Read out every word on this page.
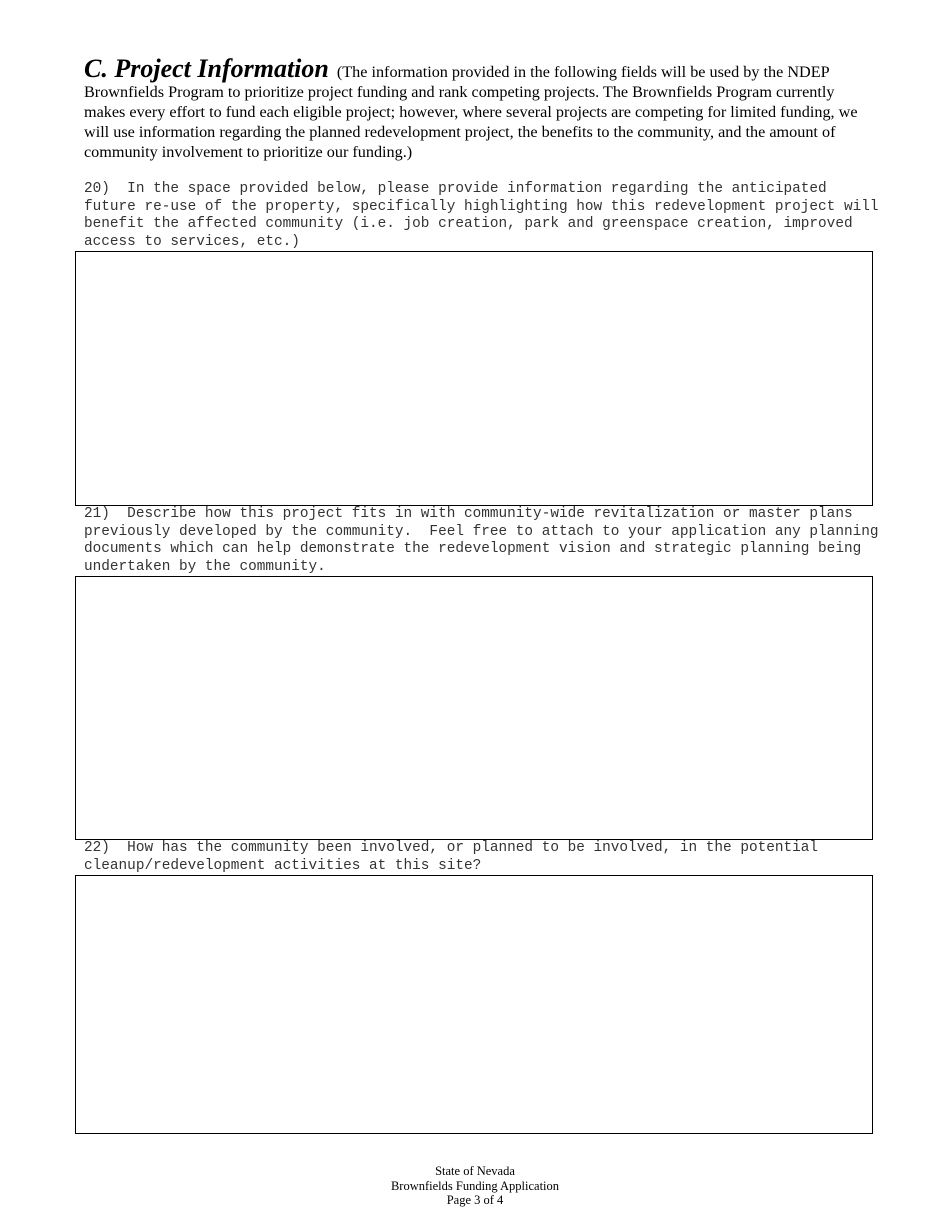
C. Project Information (The information provided in the following fields will be used by the NDEP Brownfields Program to prioritize project funding and rank competing projects. The Brownfields Program currently makes every effort to fund each eligible project; however, where several projects are competing for limited funding, we will use information regarding the planned redevelopment project, the benefits to the community, and the amount of community involvement to prioritize our funding.)

20)  In the space provided below, please provide information regarding the anticipated future re-use of the property, specifically highlighting how this redevelopment project will benefit the affected community (i.e. job creation, park and greenspace creation, improved access to services, etc.)

21)  Describe how this project fits in with community-wide revitalization or master plans previously developed by the community.  Feel free to attach to your application any planning documents which can help demonstrate the redevelopment vision and strategic planning being undertaken by the community.

22)  How has the community been involved, or planned to be involved, in the potential cleanup/redevelopment activities at this site?

State of Nevada
Brownfields Funding Application
Page 3 of 4
